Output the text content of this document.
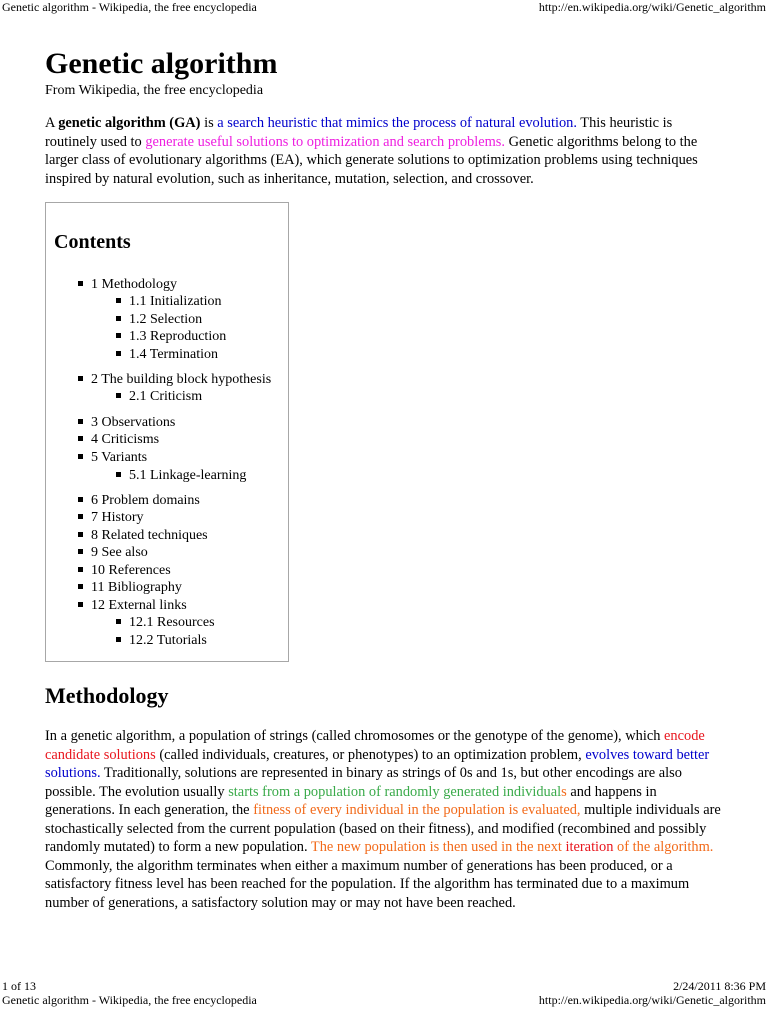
Genetic algorithm - Wikipedia, the free encyclopedia	http://en.wikipedia.org/wiki/Genetic_algorithm
Genetic algorithm
From Wikipedia, the free encyclopedia

A genetic algorithm (GA) is a search heuristic that mimics the process of natural evolution. This heuristic is routinely used to generate useful solutions to optimization and search problems. Genetic algorithms belong to the larger class of evolutionary algorithms (EA), which generate solutions to optimization problems using techniques inspired by natural evolution, such as inheritance, mutation, selection, and crossover.

Contents
1 Methodology
1.1 Initialization
1.2 Selection
1.3 Reproduction
1.4 Termination
2 The building block hypothesis
2.1 Criticism
3 Observations
4 Criticisms
5 Variants
5.1 Linkage-learning
6 Problem domains
7 History
8 Related techniques
9 See also
10 References
11 Bibliography
12 External links
12.1 Resources
12.2 Tutorials
Methodology

In a genetic algorithm, a population of strings (called chromosomes or the genotype of the genome), which encode candidate solutions (called individuals, creatures, or phenotypes) to an optimization problem, evolves toward better solutions. Traditionally, solutions are represented in binary as strings of 0s and 1s, but other encodings are also possible. The evolution usually starts from a population of randomly generated individuals and happens in generations. In each generation, the fitness of every individual in the population is evaluated, multiple individuals are stochastically selected from the current population (based on their fitness), and modified (recombined and possibly randomly mutated) to form a new population. The new population is then used in the next iteration of the algorithm. Commonly, the algorithm terminates when either a maximum number of generations has been produced, or a satisfactory fitness level has been reached for the population. If the algorithm has terminated due to a maximum number of generations, a satisfactory solution may or may not have been reached.

1 of 13	2/24/2011 8:36 PM
Genetic algorithm - Wikipedia, the free encyclopedia	http://en.wikipedia.org/wiki/Genetic_algorithm
